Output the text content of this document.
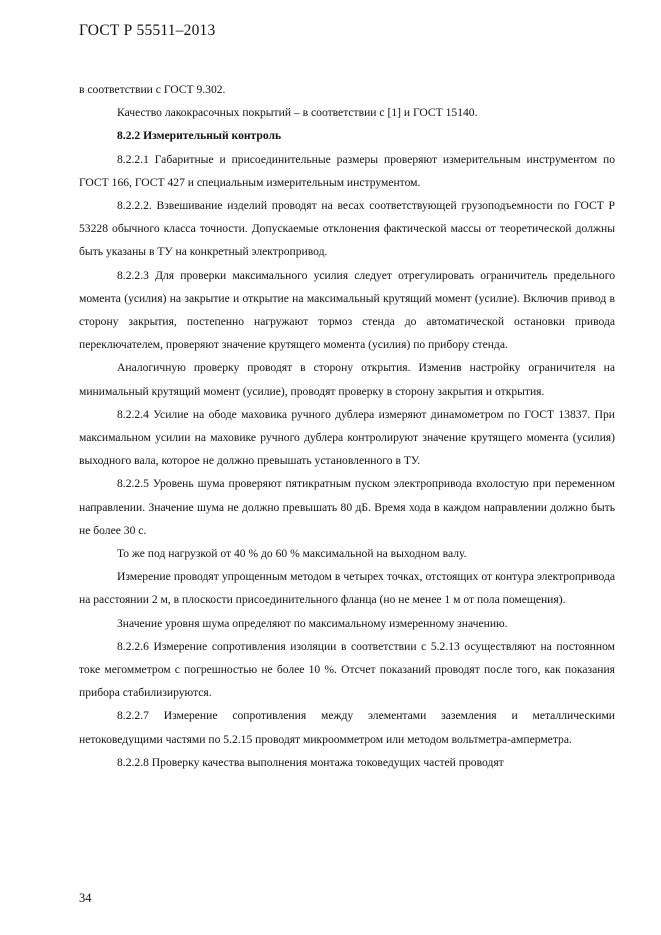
ГОСТ Р 55511–2013

в соответствии с ГОСТ 9.302.

Качество лакокрасочных покрытий – в соответствии с [1] и ГОСТ 15140.

8.2.2 Измерительный контроль

8.2.2.1 Габаритные и присоединительные размеры проверяют измерительным инструментом по ГОСТ 166, ГОСТ 427 и специальным измерительным инструментом.

8.2.2.2. Взвешивание изделий проводят на весах соответствующей грузоподъемности по ГОСТ Р 53228 обычного класса точности. Допускаемые отклонения фактической массы от теоретической должны быть указаны в ТУ на конкретный электропривод.

8.2.2.3 Для проверки максимального усилия следует отрегулировать ограничитель предельного момента (усилия) на закрытие и открытие на максимальный крутящий момент (усилие). Включив привод в сторону закрытия, постепенно нагружают тормоз стенда до автоматической остановки привода переключателем, проверяют значение крутящего момента (усилия) по прибору стенда.

Аналогичную проверку проводят в сторону открытия. Изменив настройку ограничителя на минимальный крутящий момент (усилие), проводят проверку в сторону закрытия и открытия.

8.2.2.4 Усилие на ободе маховика ручного дублера измеряют динамометром по ГОСТ 13837. При максимальном усилии на маховике ручного дублера контролируют значение крутящего момента (усилия) выходного вала, которое не должно превышать установленного в ТУ.

8.2.2.5 Уровень шума проверяют пятикратным пуском электропривода вхолостую при переменном направлении. Значение шума не должно превышать 80 дБ. Время хода в каждом направлении должно быть не более 30 с.

То же под нагрузкой от 40 % до 60 % максимальной на выходном валу.

Измерение проводят упрощенным методом в четырех точках, отстоящих от контура электропривода на расстоянии 2 м, в плоскости присоединительного фланца (но не менее 1 м от пола помещения).

Значение уровня шума определяют по максимальному измеренному значению.

8.2.2.6 Измерение сопротивления изоляции в соответствии с 5.2.13 осуществляют на постоянном токе мегомметром с погрешностью не более 10 %. Отсчет показаний проводят после того, как показания прибора стабилизируются.

8.2.2.7 Измерение сопротивления между элементами заземления и металлическими нетоковедущими частями по 5.2.15 проводят микроомметром или методом вольтметра-амперметра.

8.2.2.8 Проверку качества выполнения монтажа токоведущих частей проводят

34
